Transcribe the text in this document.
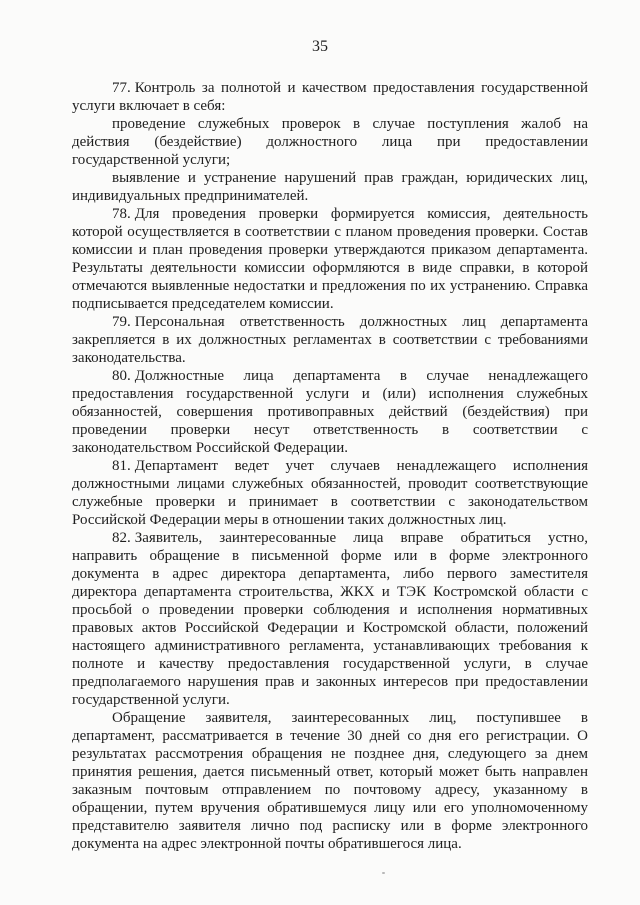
35

77. Контроль за полнотой и качеством предоставления государственной услуги включает в себя:

проведение служебных проверок в случае поступления жалоб на действия (бездействие) должностного лица при предоставлении государственной услуги;

выявление и устранение нарушений прав граждан, юридических лиц, индивидуальных предпринимателей.

78. Для проведения проверки формируется комиссия, деятельность которой осуществляется в соответствии с планом проведения проверки. Состав комиссии и план проведения проверки утверждаются приказом департамента. Результаты деятельности комиссии оформляются в виде справки, в которой отмечаются выявленные недостатки и предложения по их устранению. Справка подписывается председателем комиссии.

79. Персональная ответственность должностных лиц департамента закрепляется в их должностных регламентах в соответствии с требованиями законодательства.

80. Должностные лица департамента в случае ненадлежащего предоставления государственной услуги и (или) исполнения служебных обязанностей, совершения противоправных действий (бездействия) при проведении проверки несут ответственность в соответствии с законодательством Российской Федерации.

81. Департамент ведет учет случаев ненадлежащего исполнения должностными лицами служебных обязанностей, проводит соответствующие служебные проверки и принимает в соответствии с законодательством Российской Федерации меры в отношении таких должностных лиц.

82. Заявитель, заинтересованные лица вправе обратиться устно, направить обращение в письменной форме или в форме электронного документа в адрес директора департамента, либо первого заместителя директора департамента строительства, ЖКХ и ТЭК Костромской области с просьбой о проведении проверки соблюдения и исполнения нормативных правовых актов Российской Федерации и Костромской области, положений настоящего административного регламента, устанавливающих требования к полноте и качеству предоставления государственной услуги, в случае предполагаемого нарушения прав и законных интересов при предоставлении государственной услуги.

Обращение заявителя, заинтересованных лиц, поступившее в департамент, рассматривается в течение 30 дней со дня его регистрации. О результатах рассмотрения обращения не позднее дня, следующего за днем принятия решения, дается письменный ответ, который может быть направлен заказным почтовым отправлением по почтовому адресу, указанному в обращении, путем вручения обратившемуся лицу или его уполномоченному представителю заявителя лично под расписку или в форме электронного документа на адрес электронной почты обратившегося лица.
